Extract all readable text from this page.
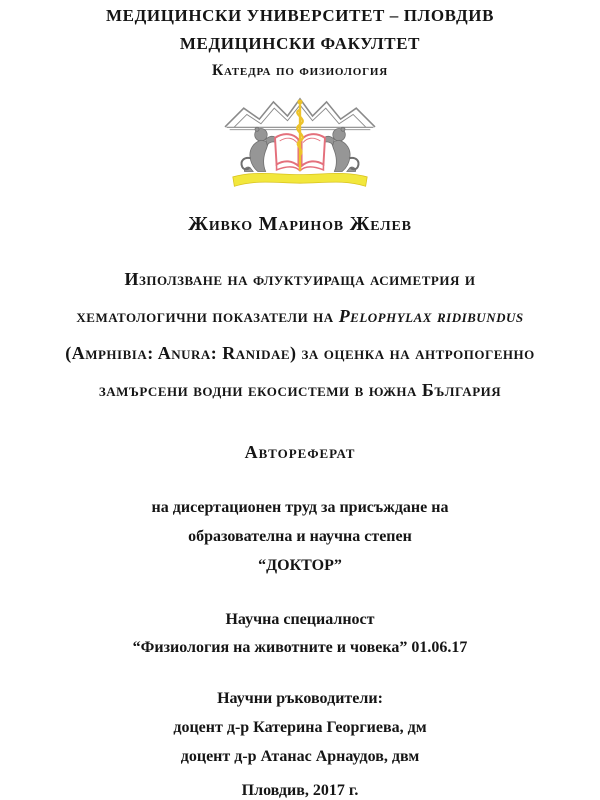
МЕДИЦИНСКИ УНИВЕРСИТЕТ – ПЛОВДИВ
МЕДИЦИНСКИ ФАКУЛТЕТ
Катедра по физиология
Живко Маринов Желев
Използване на флуктуираща асиметрия и
хематологични показатели на Pelophylax ridibundus
(Amphibia: Anura: Ranidae) за оценка на антропогенно
замърсени водни екосистеми в южна България
Автореферат
на дисертационен труд за присъждане на
образователна и научна степен
“ДОКТОР”
Научна специалност
“Физиология на животните и човека” 01.06.17
Научни ръководители:
доцент д-р Катерина Георгиева, дм
доцент д-р Атанас Арнаудов, двм
Пловдив, 2017 г.
